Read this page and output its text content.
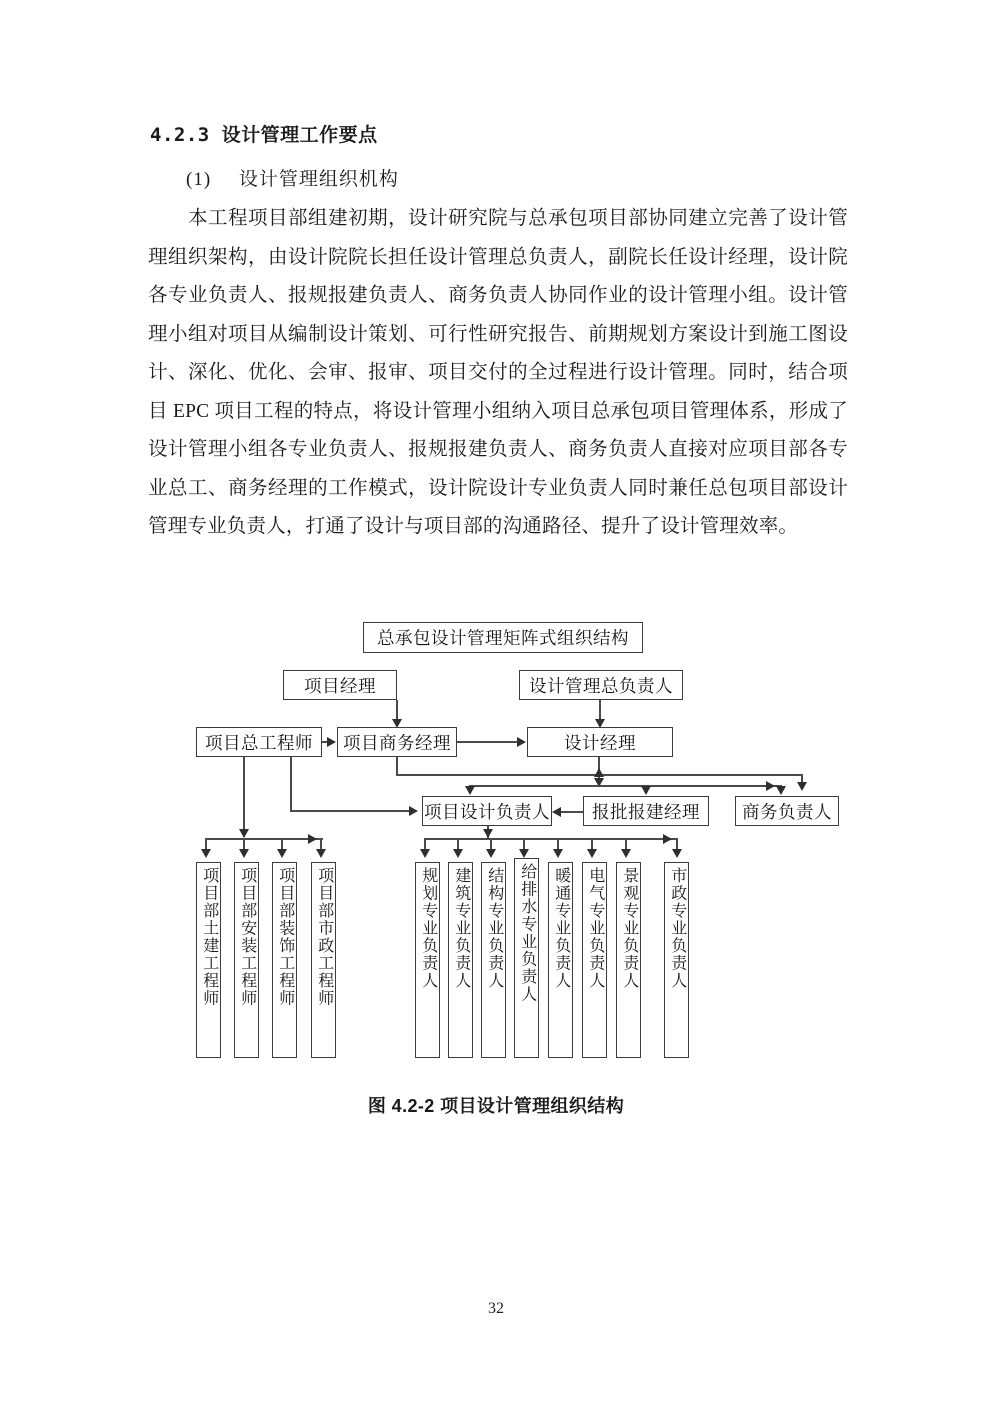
4.2.3 设计管理工作要点
(1) 设计管理组织机构
本工程项目部组建初期，设计研究院与总承包项目部协同建立完善了设计管理组织架构，由设计院院长担任设计管理总负责人，副院长任设计经理，设计院各专业负责人、报规报建负责人、商务负责人协同作业的设计管理小组。设计管理小组对项目从编制设计策划、可行性研究报告、前期规划方案设计到施工图设计、深化、优化、会审、报审、项目交付的全过程进行设计管理。同时，结合项目 EPC 项目工程的特点，将设计管理小组纳入项目总承包项目管理体系，形成了设计管理小组各专业负责人、报规报建负责人、商务负责人直接对应项目部各专业总工、商务经理的工作模式，设计院设计专业负责人同时兼任总包项目部设计管理专业负责人，打通了设计与项目部的沟通路径、提升了设计管理效率。
总承包设计管理矩阵式组织结构
项目经理	设计管理总负责人
项目总工程师	项目商务经理	设计经理
项目设计负责人	报批报建经理	商务负责人
项目部土建工程师 项目部安装工程师 项目部装饰工程师 项目部市政工程师	规划专业负责人 建筑专业负责人 结构专业负责人 给排水专业负责人 暖通专业负责人 电气专业负责人 景观专业负责人 市政专业负责人
图 4.2-2 项目设计管理组织结构
32
